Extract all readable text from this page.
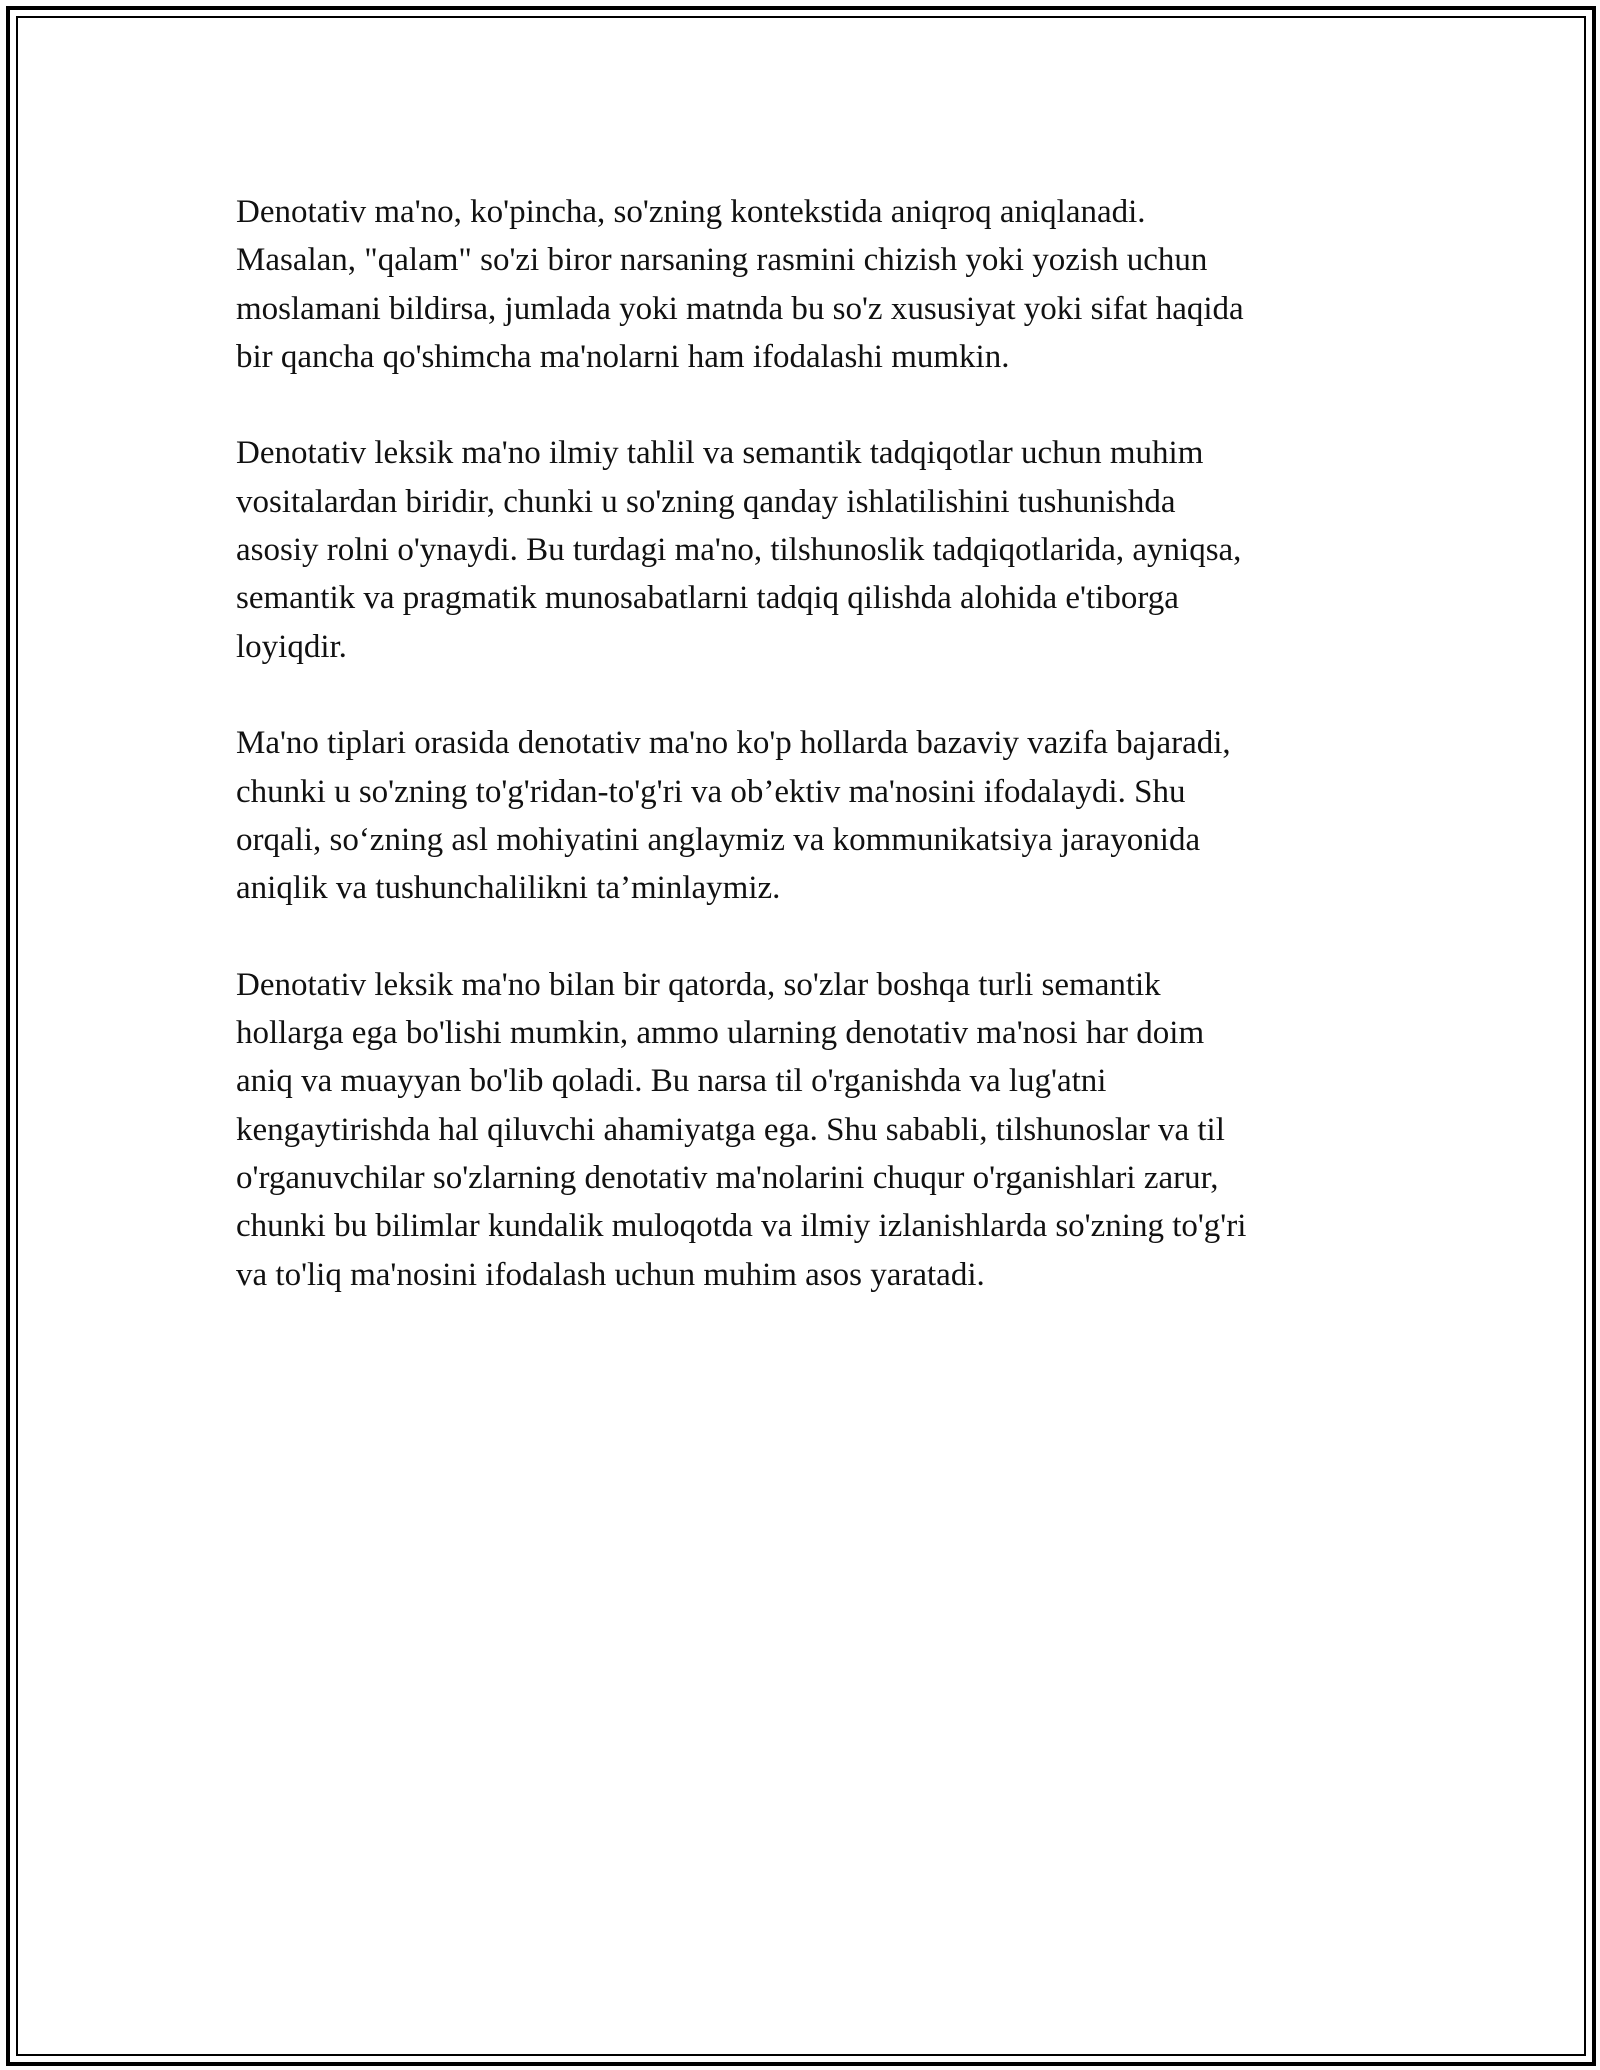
Denotativ ma'no, ko'pincha, so'zning kontekstida aniqroq aniqlanadi.
Masalan, "qalam" so'zi biror narsaning rasmini chizish yoki yozish uchun
moslamani bildirsa, jumlada yoki matnda bu so'z xususiyat yoki sifat haqida
bir qancha qo'shimcha ma'nolarni ham ifodalashi mumkin.

Denotativ leksik ma'no ilmiy tahlil va semantik tadqiqotlar uchun muhim
vositalardan biridir, chunki u so'zning qanday ishlatilishini tushunishda
asosiy rolni o'ynaydi. Bu turdagi ma'no, tilshunoslik tadqiqotlarida, ayniqsa,
semantik va pragmatik munosabatlarni tadqiq qilishda alohida e'tiborga
loyiqdir.

Ma'no tiplari orasida denotativ ma'no ko'p hollarda bazaviy vazifa bajaradi,
chunki u so'zning to'g'ridan-to'g'ri va ob’ektiv ma'nosini ifodalaydi. Shu
orqali, so‘zning asl mohiyatini anglaymiz va kommunikatsiya jarayonida
aniqlik va tushunchalilikni ta’minlaymiz.

Denotativ leksik ma'no bilan bir qatorda, so'zlar boshqa turli semantik
hollarga ega bo'lishi mumkin, ammo ularning denotativ ma'nosi har doim
aniq va muayyan bo'lib qoladi. Bu narsa til o'rganishda va lug'atni
kengaytirishda hal qiluvchi ahamiyatga ega. Shu sababli, tilshunoslar va til
o'rganuvchilar so'zlarning denotativ ma'nolarini chuqur o'rganishlari zarur,
chunki bu bilimlar kundalik muloqotda va ilmiy izlanishlarda so'zning to'g'ri
va to'liq ma'nosini ifodalash uchun muhim asos yaratadi.
